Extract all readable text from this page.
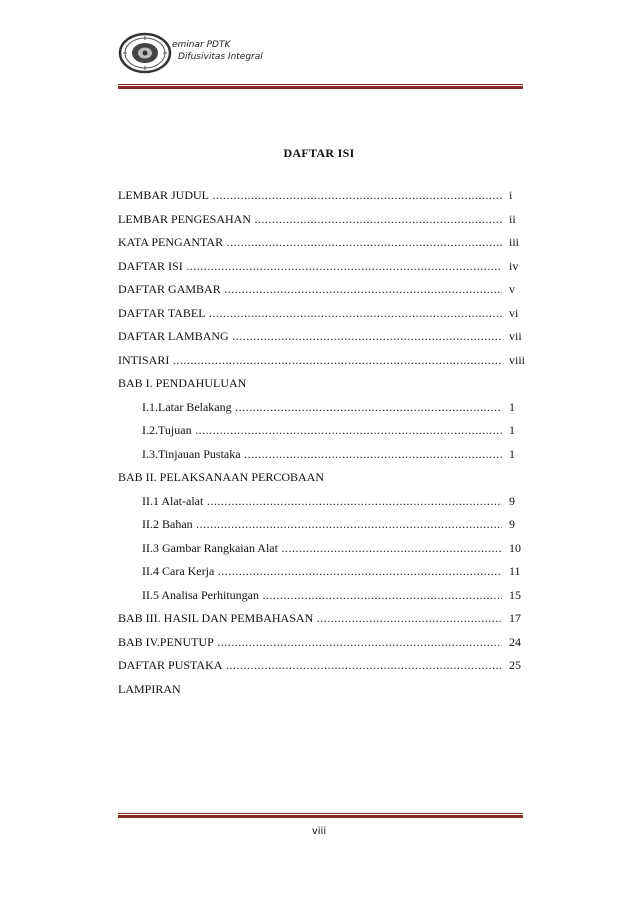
eminar PDTK
Difusivitas Integral
DAFTAR ISI
LEMBAR JUDUL .....	i
LEMBAR PENGESAHAN .....	ii
KATA PENGANTAR .....	iii
DAFTAR ISI .....	iv
DAFTAR GAMBAR .....	v
DAFTAR TABEL .....	vi
DAFTAR LAMBANG .....	vii
INTISARI .....	viii
BAB I. PENDAHULUAN
I.1.Latar Belakang .....	1
I.2.Tujuan .....	1
I.3.Tinjauan Pustaka .....	1
BAB II. PELAKSANAAN PERCOBAAN
II.1 Alat-alat .....	9
II.2 Bahan .....	9
II.3 Gambar Rangkaian Alat .....	10
II.4 Cara Kerja .....	11
II.5 Analisa Perhitungan .....	15
BAB III. HASIL DAN PEMBAHASAN .....	17
BAB IV.PENUTUP .....	24
DAFTAR PUSTAKA .....	25
LAMPIRAN
viii
